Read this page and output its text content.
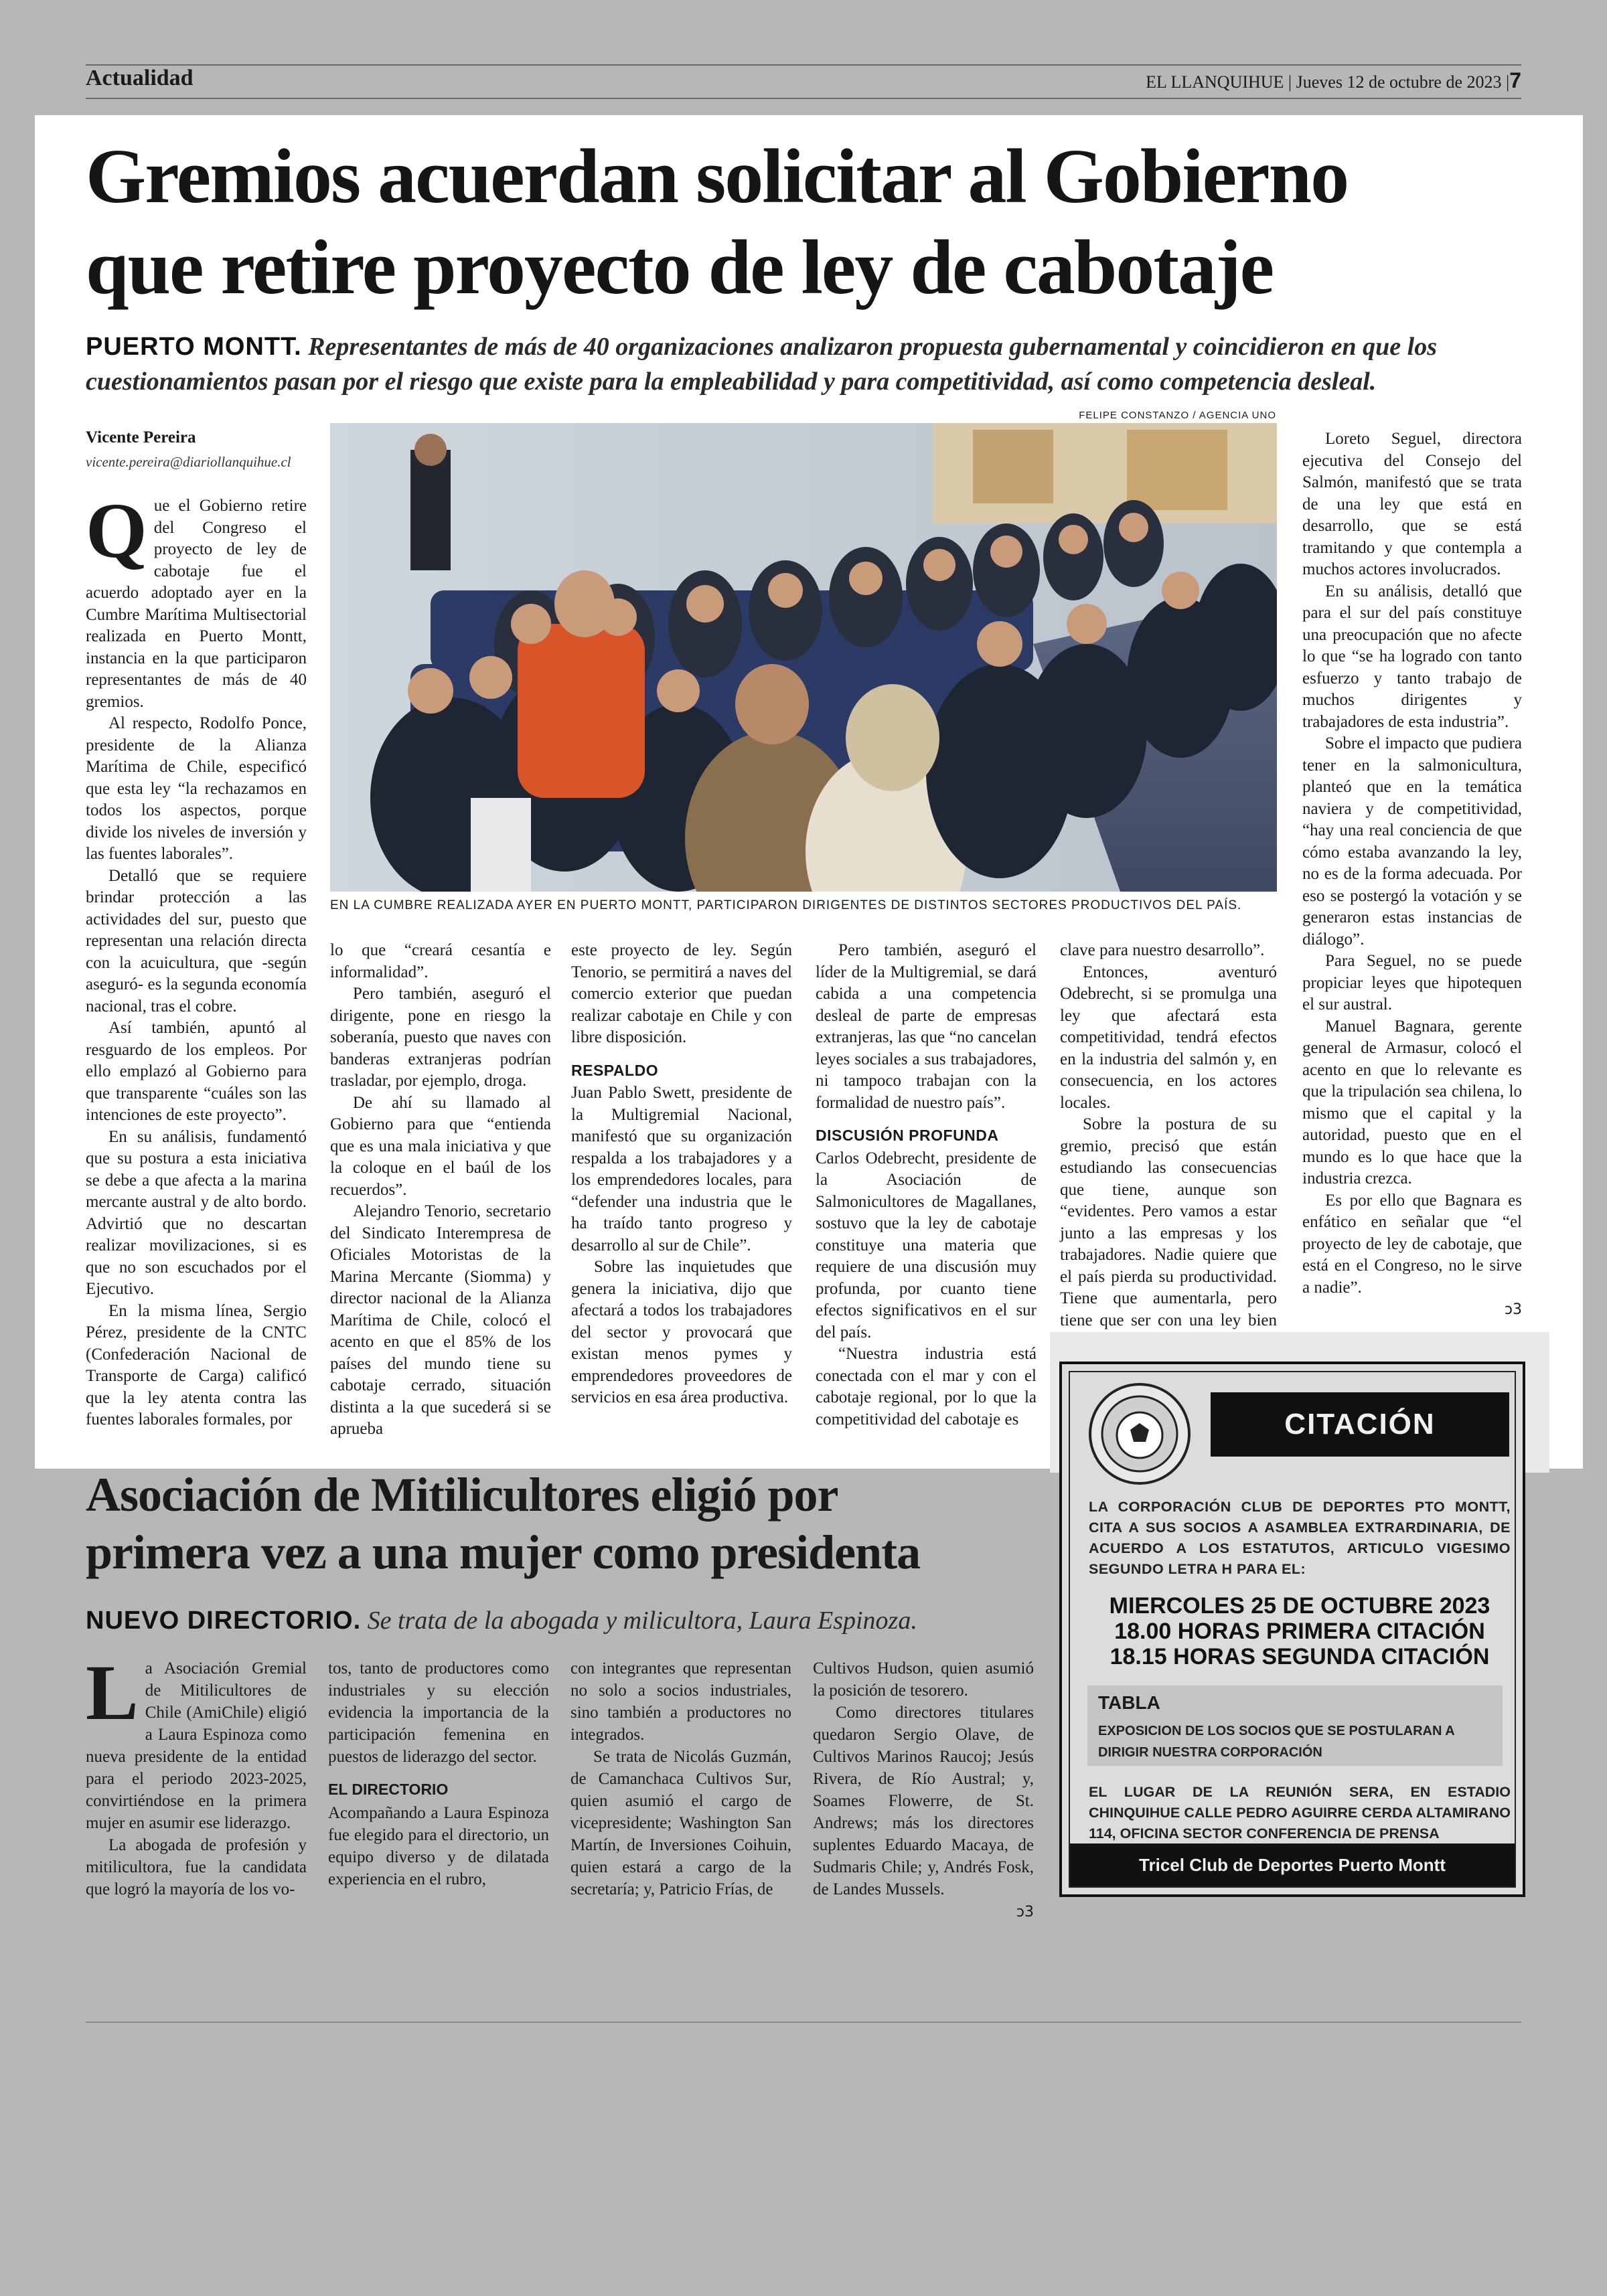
Actualidad	EL LLANQUIHUE | Jueves 12 de octubre de 2023 |7
Gremios acuerdan solicitar al Gobierno
que retire proyecto de ley de cabotaje
PUERTO MONTT. Representantes de más de 40 organizaciones analizaron propuesta gubernamental y coincidieron en que los cuestionamientos pasan por el riesgo que existe para la empleabilidad y para competitividad, así como competencia desleal.
Vicente Pereira
vicente.pereira@diariollanquihue.cl
FELIPE CONSTANZO / AGENCIA UNO
EN LA CUMBRE REALIZADA AYER EN PUERTO MONTT, PARTICIPARON DIRIGENTES DE DISTINTOS SECTORES PRODUCTIVOS DEL PAÍS.
Q ue el Gobierno retire del Congreso el proyecto de ley de cabotaje fue el acuerdo adoptado ayer en la Cumbre Marítima Multisectorial realizada en Puerto Montt, instancia en la que participaron representantes de más de 40 gremios.

Al respecto, Rodolfo Ponce, presidente de la Alianza Marítima de Chile, especificó que esta ley “la rechazamos en todos los aspectos, porque divide los niveles de inversión y las fuentes laborales”.

Detalló que se requiere brindar protección a las actividades del sur, puesto que representan una relación directa con la acuicultura, que -según aseguró- es la segunda economía nacional, tras el cobre.

Así también, apuntó al resguardo de los empleos. Por ello emplazó al Gobierno para que transparente “cuáles son las intenciones de este proyecto”.

En su análisis, fundamentó que su postura a esta iniciativa se debe a que afecta a la marina mercante austral y de alto bordo. Advirtió que no descartan realizar movilizaciones, si es que no son escuchados por el Ejecutivo.

En la misma línea, Sergio Pérez, presidente de la CNTC (Confederación Nacional de Transporte de Carga) calificó que la ley atenta contra las fuentes laborales formales, por

lo que “creará cesantía e informalidad”.

Pero también, aseguró el dirigente, pone en riesgo la soberanía, puesto que naves con banderas extranjeras podrían trasladar, por ejemplo, droga.

De ahí su llamado al Gobierno para que “entienda que es una mala iniciativa y que la coloque en el baúl de los recuerdos”.

Alejandro Tenorio, secretario del Sindicato Interempresa de Oficiales Motoristas de la Marina Mercante (Siomma) y director nacional de la Alianza Marítima de Chile, colocó el acento en que el 85% de los países del mundo tiene su cabotaje cerrado, situación distinta a la que sucederá si se aprueba

este proyecto de ley. Según Tenorio, se permitirá a naves del comercio exterior que puedan realizar cabotaje en Chile y con libre disposición.

RESPALDO

Juan Pablo Swett, presidente de la Multigremial Nacional, manifestó que su organización respalda a los trabajadores y a los emprendedores locales, para “defender una industria que le ha traído tanto progreso y desarrollo al sur de Chile”.

Sobre las inquietudes que genera la iniciativa, dijo que afectará a todos los trabajadores del sector y provocará que existan menos pymes y emprendedores proveedores de servicios en esa área productiva.

Pero también, aseguró el líder de la Multigremial, se dará cabida a una competencia desleal de parte de empresas extranjeras, las que “no cancelan leyes sociales a sus trabajadores, ni tampoco trabajan con la formalidad de nuestro país”.

DISCUSIÓN PROFUNDA

Carlos Odebrecht, presidente de la Asociación de Salmonicultores de Magallanes, sostuvo que la ley de cabotaje constituye una materia que requiere de una discusión muy profunda, por cuanto tiene efectos significativos en el sur del país.

“Nuestra industria está conectada con el mar y con el cabotaje regional, por lo que la competitividad del cabotaje es

clave para nuestro desarrollo”.

Entonces, aventuró Odebrecht, si se promulga una ley que afectará esta competitividad, tendrá efectos en la industria del salmón y, en consecuencia, en los actores locales.

Sobre la postura de su gremio, precisó que están estudiando las consecuencias que tiene, aunque son “evidentes. Pero vamos a estar junto a las empresas y los trabajadores. Nadie quiere que el país pierda su productividad. Tiene que aumentarla, pero tiene que ser con una ley bien

Loreto Seguel, directora ejecutiva del Consejo del Salmón, manifestó que se trata de una ley que está en desarrollo, que se está tramitando y que contempla a muchos actores involucrados.

En su análisis, detalló que para el sur del país constituye una preocupación que no afecte lo que “se ha logrado con tanto esfuerzo y tanto trabajo de muchos dirigentes y trabajadores de esta industria”.

Sobre el impacto que pudiera tener en la salmonicultura, planteó que en la temática naviera y de competitividad, “hay una real conciencia de que cómo estaba avanzando la ley, no es de la forma adecuada. Por eso se postergó la votación y se generaron estas instancias de diálogo”.

Para Seguel, no se puede propiciar leyes que hipotequen el sur austral.

Manuel Bagnara, gerente general de Armasur, colocó el acento en que lo relevante es que la tripulación sea chilena, lo mismo que el capital y la autoridad, puesto que en el mundo es lo que hace que la industria crezca.

Es por ello que Bagnara es enfático en señalar que “el proyecto de ley de cabotaje, que está en el Congreso, no le sirve a nadie”.

ↄ3
Asociación de Mitilicultores eligió por
primera vez a una mujer como presidenta
NUEVO DIRECTORIO. Se trata de la abogada y milicultora, Laura Espinoza.
L a Asociación Gremial de Mitilicultores de Chile (AmiChile) eligió a Laura Espinoza como nueva presidente de la entidad para el periodo 2023-2025, convirtiéndose en la primera mujer en asumir ese liderazgo.

La abogada de profesión y mitilicultora, fue la candidata que logró la mayoría de los vo-

tos, tanto de productores como industriales y su elección evidencia la importancia de la participación femenina en puestos de liderazgo del sector.

EL DIRECTORIO

Acompañando a Laura Espinoza fue elegido para el directorio, un equipo diverso y de dilatada experiencia en el rubro,

con integrantes que representan no solo a socios industriales, sino también a productores no integrados.

Se trata de Nicolás Guzmán, de Camanchaca Cultivos Sur, quien asumió el cargo de vicepresidente; Washington San Martín, de Inversiones Coihuin, quien estará a cargo de la secretaría; y, Patricio Frías, de

Cultivos Hudson, quien asumió la posición de tesorero.

Como directores titulares quedaron Sergio Olave, de Cultivos Marinos Raucoj; Jesús Rivera, de Río Austral; y, Soames Flowerre, de St. Andrews; más los directores suplentes Eduardo Macaya, de Sudmaris Chile; y, Andrés Fosk, de Landes Mussels.

ↄ3
CITACIÓN
LA CORPORACIÓN CLUB DE DEPORTES PTO MONTT, CITA A SUS SOCIOS A ASAMBLEA EXTRARDINARIA, DE ACUERDO A LOS ESTATUTOS, ARTICULO VIGESIMO SEGUNDO LETRA H PARA EL:
MIERCOLES 25 DE OCTUBRE 2023
18.00 HORAS PRIMERA CITACIÓN
18.15 HORAS SEGUNDA CITACIÓN
TABLA
EXPOSICION DE LOS SOCIOS QUE SE POSTULARAN A DIRIGIR NUESTRA CORPORACIÓN
EL LUGAR DE LA REUNIÓN SERA, EN ESTADIO CHINQUIHUE CALLE PEDRO AGUIRRE CERDA ALTAMIRANO 114, OFICINA SECTOR CONFERENCIA DE PRENSA
Tricel Club de Deportes Puerto Montt
